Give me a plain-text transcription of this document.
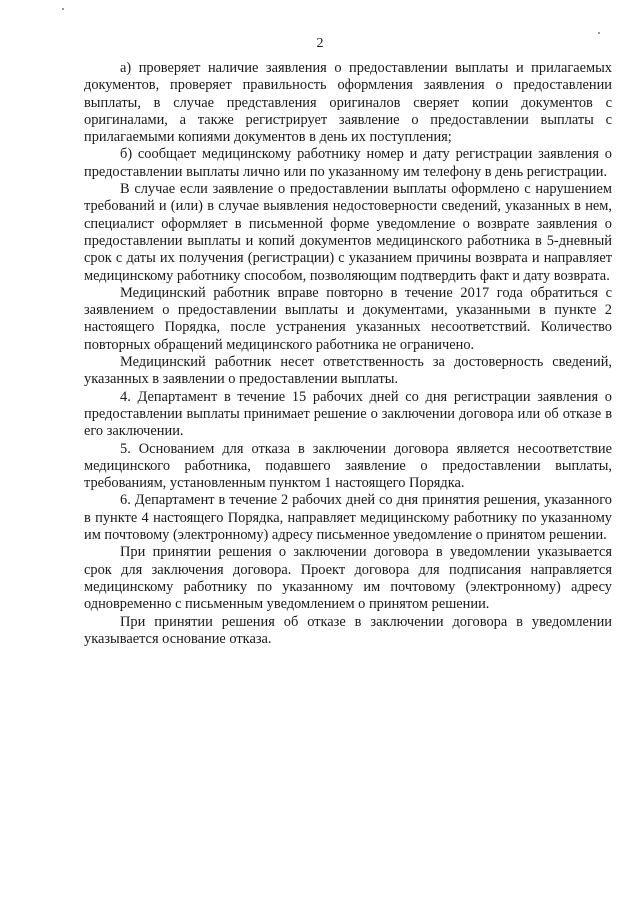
2

а) проверяет наличие заявления о предоставлении выплаты и прилагаемых документов, проверяет правильность оформления заявления о предоставлении выплаты, в случае представления оригиналов сверяет копии документов с оригиналами, а также регистрирует заявление о предоставлении выплаты с прилагаемыми копиями документов в день их поступления;

б) сообщает медицинскому работнику номер и дату регистрации заявления о предоставлении выплаты лично или по указанному им телефону в день регистрации.

В случае если заявление о предоставлении выплаты оформлено с нарушением требований и (или) в случае выявления недостоверности сведений, указанных в нем, специалист оформляет в письменной форме уведомление о возврате заявления о предоставлении выплаты и копий документов медицинского работника в 5-дневный срок с даты их получения (регистрации) с указанием причины возврата и направляет медицинскому работнику способом, позволяющим подтвердить факт и дату возврата.

Медицинский работник вправе повторно в течение 2017 года обратиться с заявлением о предоставлении выплаты и документами, указанными в пункте 2 настоящего Порядка, после устранения указанных несоответствий. Количество повторных обращений медицинского работника не ограничено.

Медицинский работник несет ответственность за достоверность сведений, указанных в заявлении о предоставлении выплаты.

4. Департамент в течение 15 рабочих дней со дня регистрации заявления о предоставлении выплаты принимает решение о заключении договора или об отказе в его заключении.

5. Основанием для отказа в заключении договора является несоответствие медицинского работника, подавшего заявление о предоставлении выплаты, требованиям, установленным пунктом 1 настоящего Порядка.

6. Департамент в течение 2 рабочих дней со дня принятия решения, указанного в пункте 4 настоящего Порядка, направляет медицинскому работнику по указанному им почтовому (электронному) адресу письменное уведомление о принятом решении.

При принятии решения о заключении договора в уведомлении указывается срок для заключения договора. Проект договора для подписания направляется медицинскому работнику по указанному им почтовому (электронному) адресу одновременно с письменным уведомлением о принятом решении.

При принятии решения об отказе в заключении договора в уведомлении указывается основание отказа.
